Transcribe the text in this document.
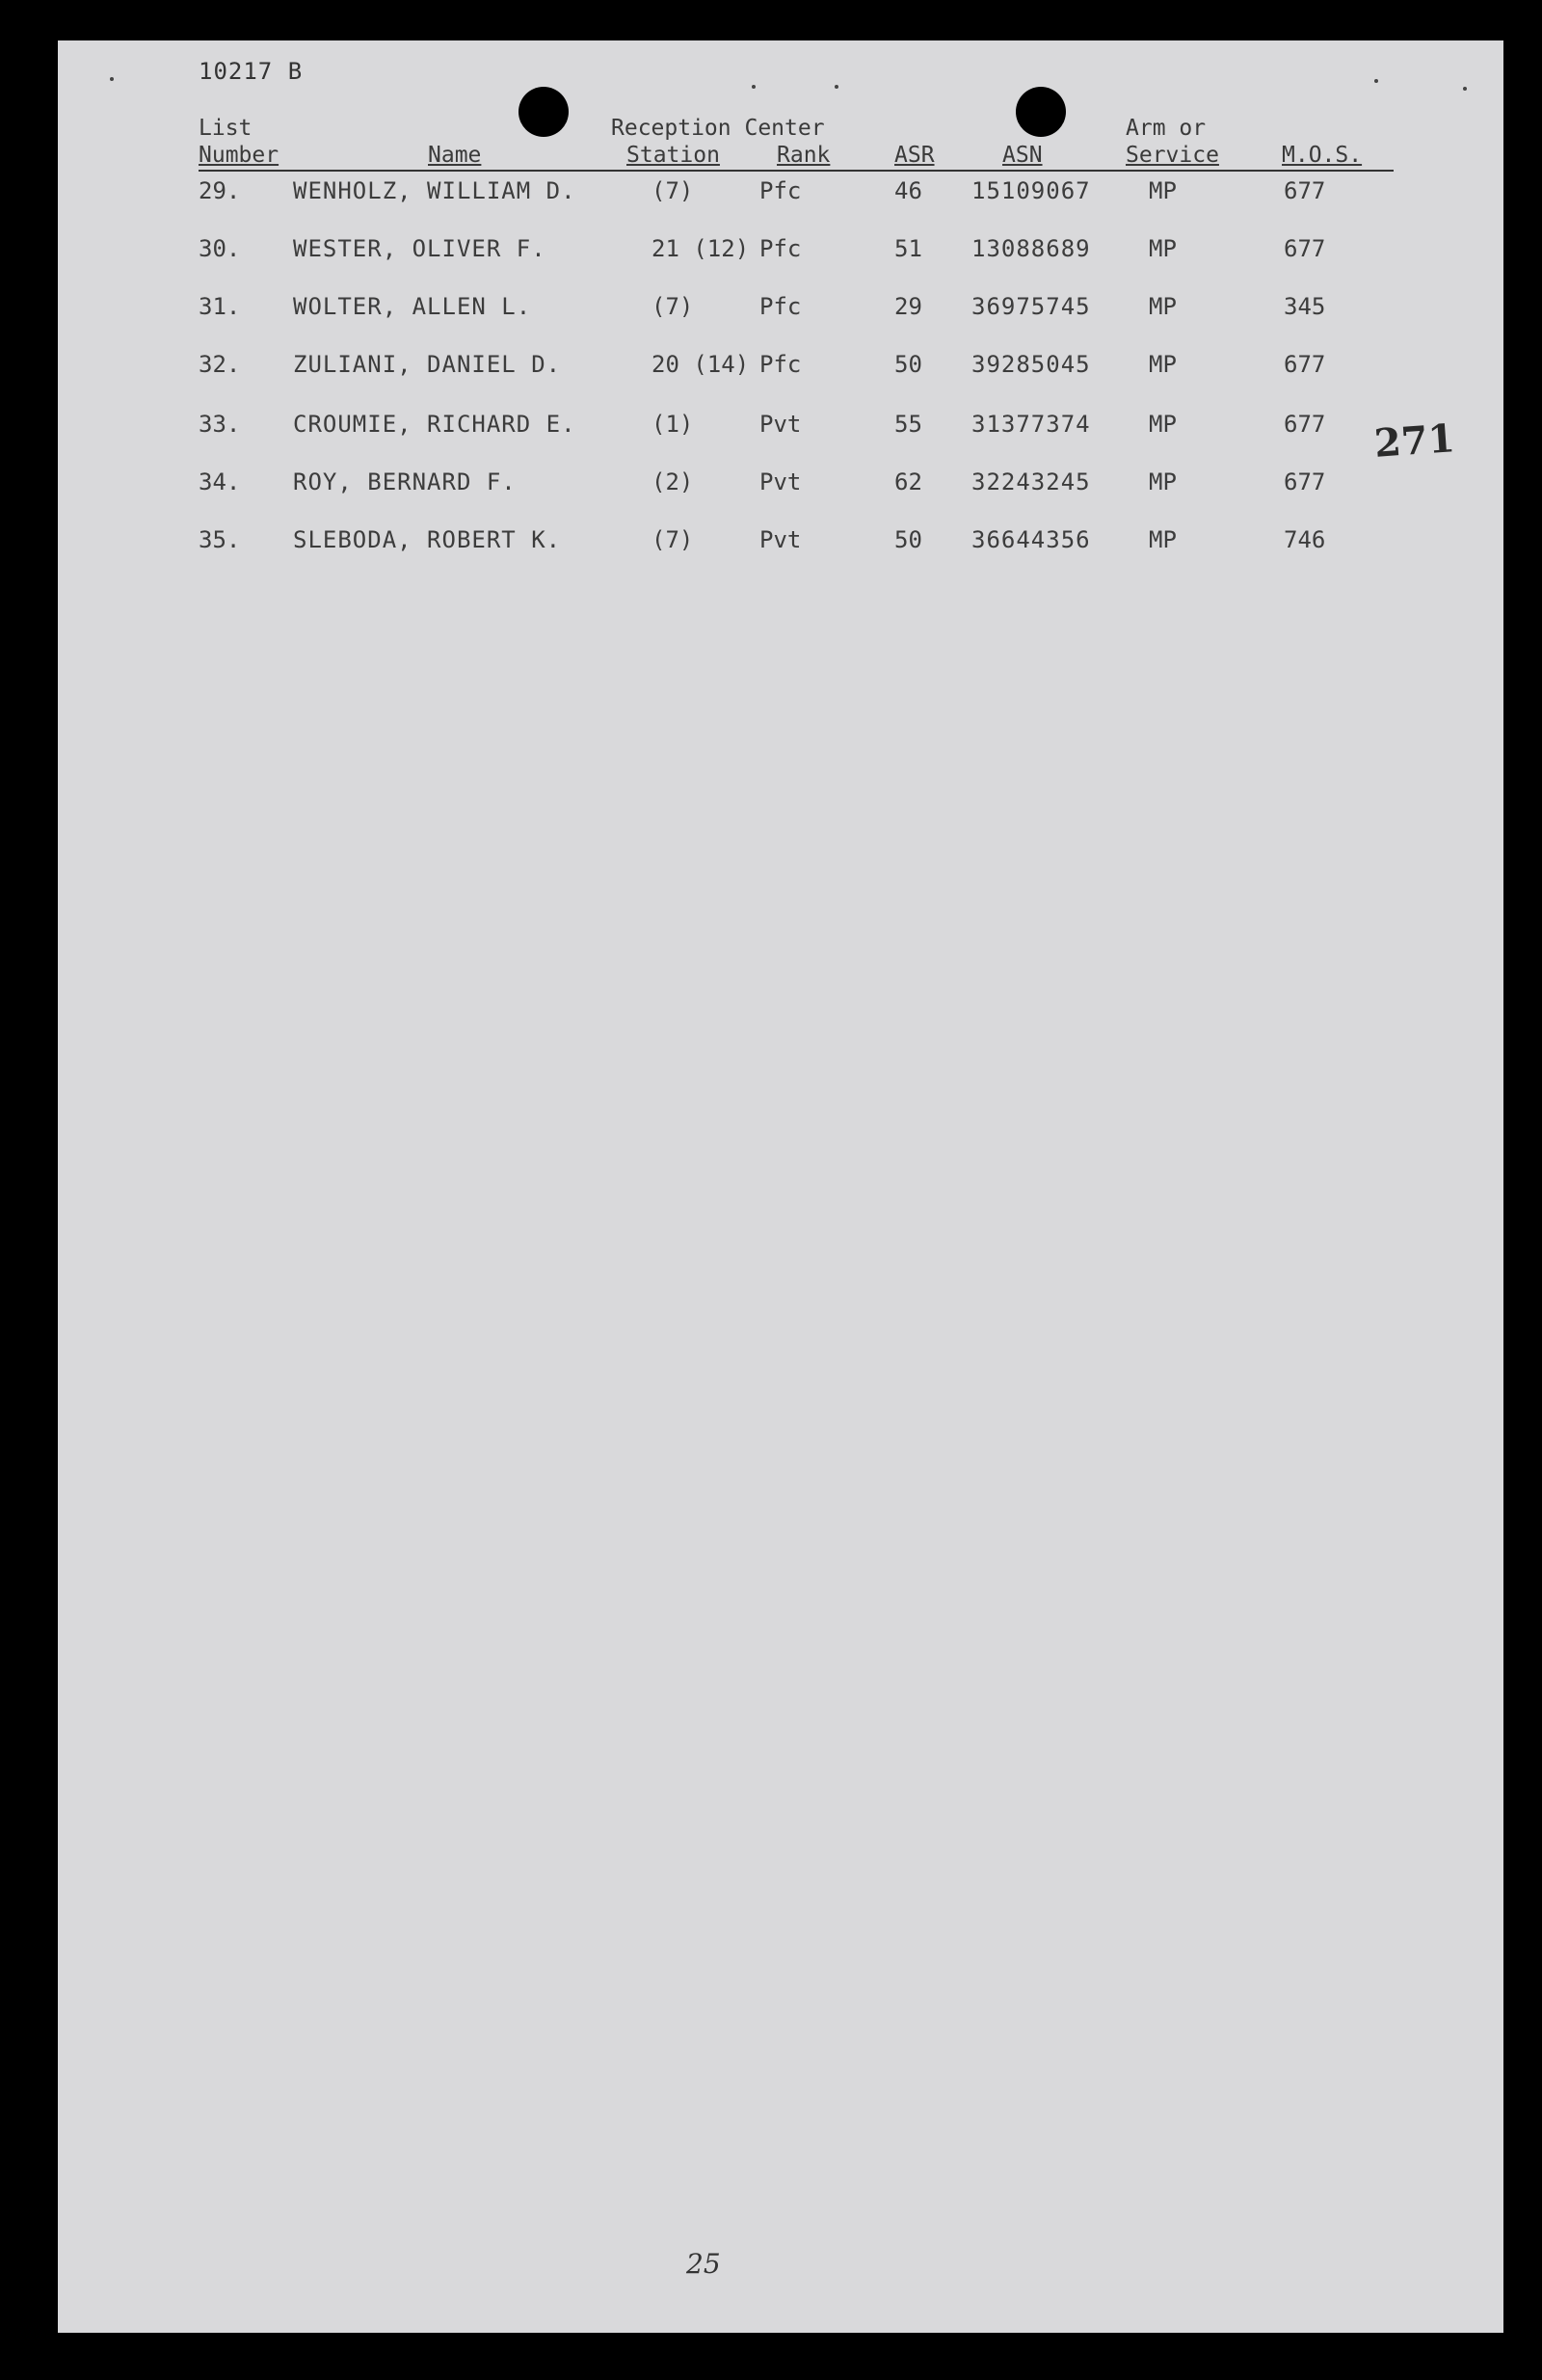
10217 B
List
Number	Name
Reception Center
Station	Rank	ASR	ASN
Arm or
Service	M.O.S.
29. WENHOLZ, WILLIAM D.	(7)	Pfc	46 15109067	MP	677
30. WESTER, OLIVER F.	21 (12) Pfc	51 13088689	MP	677
31. WOLTER, ALLEN L.	(7)	Pfc	29 36975745	MP	345
32. ZULIANI, DANIEL D.	20 (14) Pfc	50 39285045	MP	677
33. CROUMIE, RICHARD E.	(1)	Pvt	55 31377374	MP	677
34. ROY, BERNARD F.	(2)	Pvt	62 32243245	MP	677
35. SLEBODA, ROBERT K.	(7)	Pvt	50 36644356	MP	746
271
25
